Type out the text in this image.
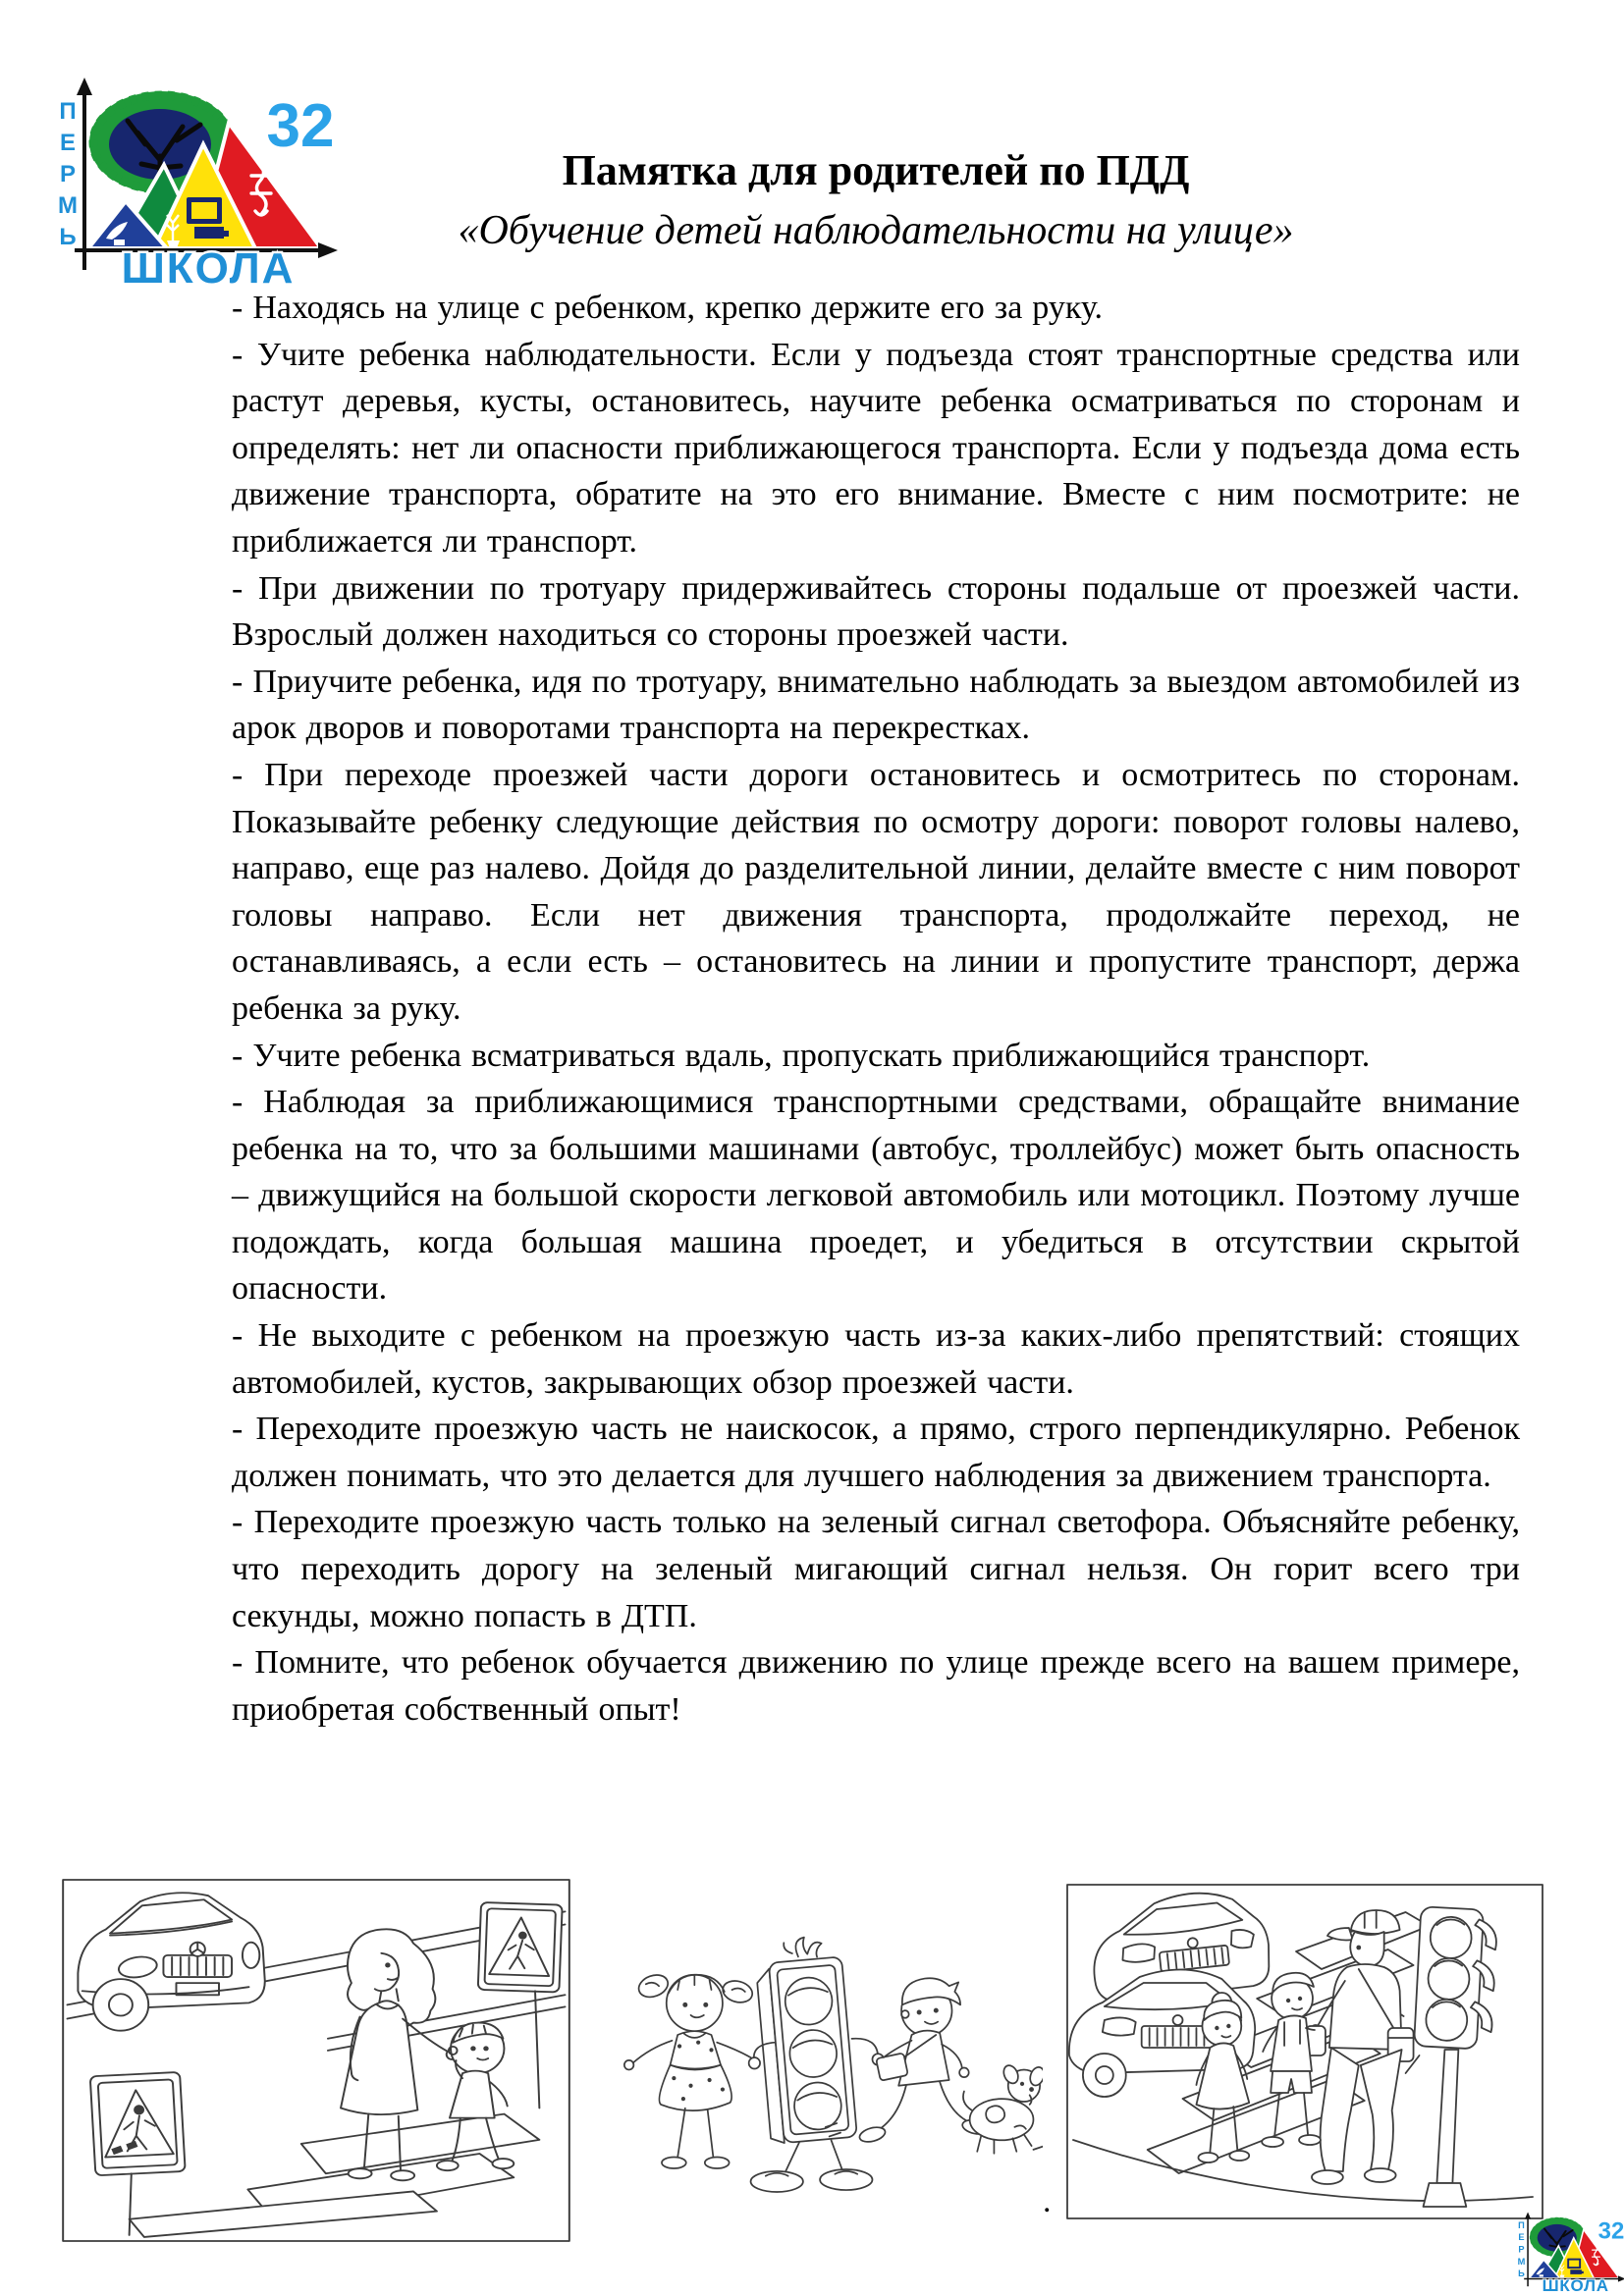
Памятка для родителей по ПДД
«Обучение детей наблюдательности на улице»

- Находясь на улице с ребенком, крепко держите его за руку.

- Учите ребенка наблюдательности. Если у подъезда стоят транспортные средства или растут деревья, кусты, остановитесь, научите ребенка осматриваться по сторонам и определять: нет ли опасности приближающегося транспорта. Если у подъезда дома есть движение транспорта, обратите на это его внимание. Вместе с ним посмотрите: не приближается ли транспорт.

- При движении по тротуару придерживайтесь стороны подальше от проезжей части. Взрослый должен находиться со стороны проезжей части.

- Приучите ребенка, идя по тротуару, внимательно наблюдать за выездом автомобилей из арок дворов и поворотами транспорта на перекрестках.

- При переходе проезжей части дороги остановитесь и осмотритесь по сторонам. Показывайте ребенку следующие действия по осмотру дороги: поворот головы налево, направо, еще раз налево. Дойдя до разделительной линии, делайте вместе с ним поворот головы направо. Если нет движения транспорта, продолжайте переход, не останавливаясь, а если есть – остановитесь на линии и пропустите транспорт, держа ребенка за руку.

- Учите ребенка всматриваться вдаль, пропускать приближающийся транспорт.

- Наблюдая за приближающимися транспортными средствами, обращайте внимание ребенка на то, что за большими машинами (автобус, троллейбус) может быть опасность – движущийся на большой скорости легковой автомобиль или мотоцикл. Поэтому лучше подождать, когда большая машина проедет, и убедиться в отсутствии скрытой опасности.

- Не выходите с ребенком на проезжую часть из-за каких-либо препятствий: стоящих автомобилей, кустов, закрывающих обзор проезжей части.

- Переходите проезжую часть не наискосок, а прямо, строго перпендикулярно. Ребенок должен понимать, что это делается для лучшего наблюдения за движением транспорта.

- Переходите проезжую часть только на зеленый сигнал светофора. Объясняйте ребенку, что переходить дорогу на зеленый мигающий сигнал нельзя. Он горит всего три секунды, можно попасть в ДТП.

- Помните, что ребенок обучается движению по улице прежде всего на вашем примере, приобретая собственный опыт!

.
